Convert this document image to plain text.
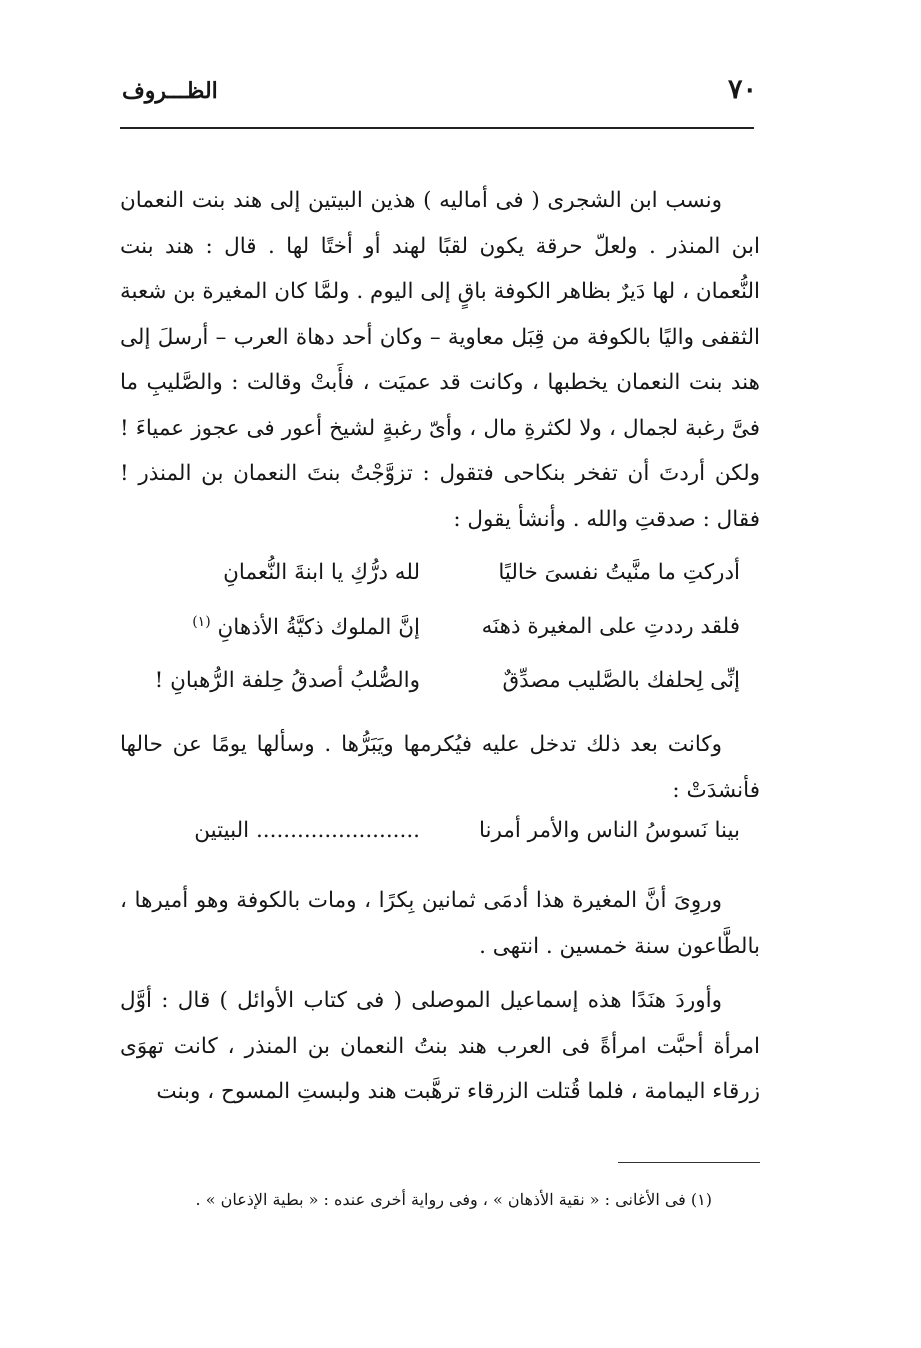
٧٠
الظـــروف

ونسب ابن الشجرى ( فى أماليه ) هذين البيتين إلى هند بنت النعمان ابن المنذر . ولعلّ حرقة يكون لقبًا لهند أو أختًا لها . قال : هند بنت النُّعمان ، لها دَيرٌ بظاهر الكوفة باقٍ إلى اليوم . ولمَّا كان المغيرة بن شعبة الثقفى واليًا بالكوفة من قِبَل معاوية – وكان أحد دهاة العرب – أرسلَ إلى هند بنت النعمان يخطبها ، وكانت قد عميَت ، فأَبتْ وقالت : والصَّليبِ ما فىَّ رغبة لجمال ، ولا لكثرةِ مال ، وأىّ رغبةٍ لشيخ أعور فى عجوز عمياءَ ! ولكن أردتَ أن تفخر بنكاحى فتقول : تزوَّجْتُ بنتَ النعمان بن المنذر ! فقال : صدقتِ والله . وأنشأ يقول :

أدركتِ ما منَّيتُ نفسىَ خاليًا
لله درُّكِ يا ابنةَ النُّعمانِ
فلقد رددتِ على المغيرة ذهنَه
إنَّ الملوك ذكيَّةُ الأذهانِ $^{(١)}$
إنِّى لِحلفك بالصَّليب مصدِّقٌ
والصُّلبُ أصدقُ حِلفة الرُّهبانِ !

وكانت بعد ذلك تدخل عليه فيُكرمها ويَبَرُّها . وسألها يومًا عن حالها فأنشدَتْ :

بينا نَسوسُ الناس والأمر أمرنا
........................ البيتين

وروِىَ أنَّ المغيرة هذا أدمَى ثمانين بِكرًا ، ومات بالكوفة وهو أميرها ، بالطَّاعون سنة خمسين . انتهى .

وأوردَ هنَدًا هذه إسماعيل الموصلى ( فى كتاب الأوائل ) قال : أوَّل امرأة أحبَّت امرأةً فى العرب هند بنتُ النعمان بن المنذر ، كانت تهوَى زرقاء اليمامة ، فلما قُتلت الزرقاء ترهَّبت هند ولبستِ المسوح ، وبنت

(١) فى الأغانى : « نقية الأذهان » ، وفى رواية أخرى عنده : « بطية الإذعان » .
